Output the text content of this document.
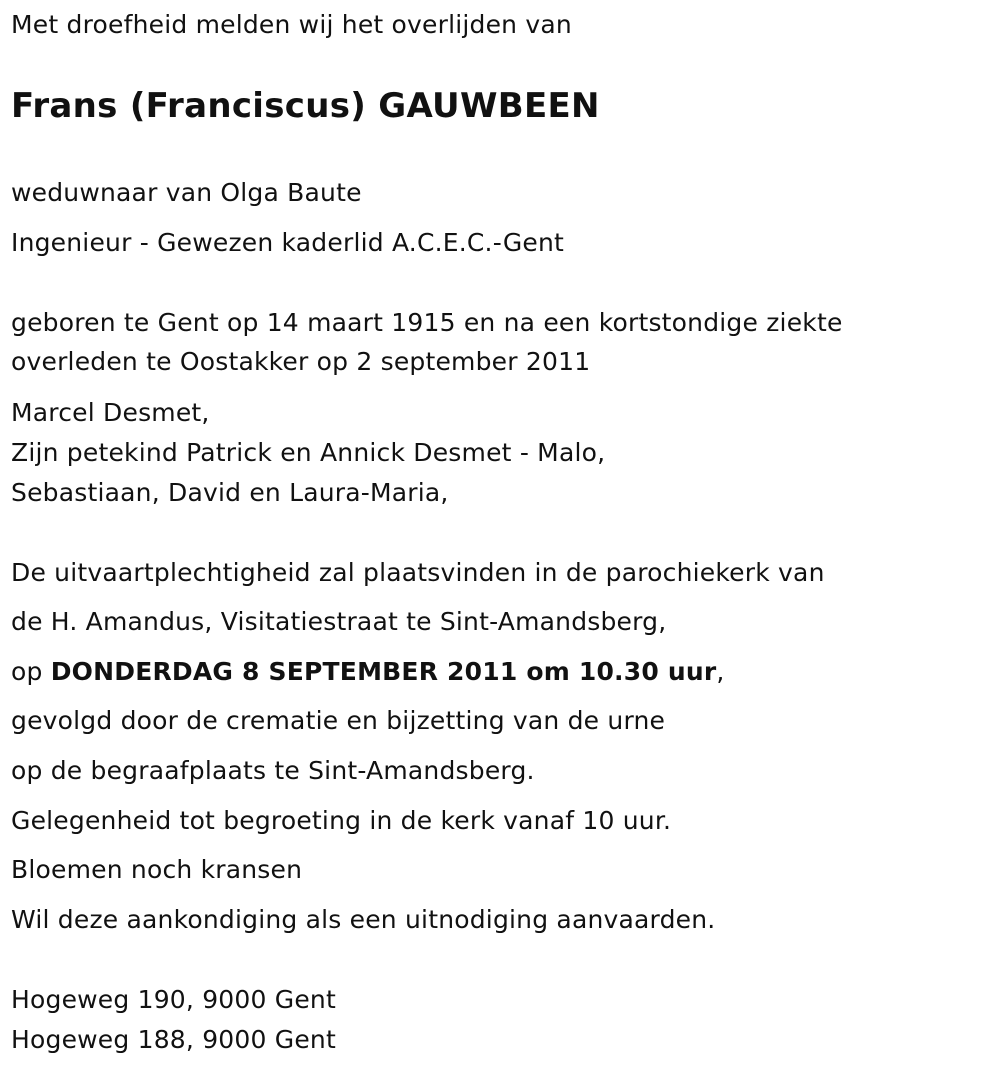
Met droefheid melden wij het overlijden van
Frans (Franciscus) GAUWBEEN
weduwnaar van Olga Baute
Ingenieur - Gewezen kaderlid A.C.E.C.-Gent
geboren te Gent op 14 maart 1915 en na een kortstondige ziekte
overleden te Oostakker op 2 september 2011
Marcel Desmet,
Zijn petekind Patrick en Annick Desmet - Malo,
Sebastiaan, David en Laura-Maria,
De uitvaartplechtigheid zal plaatsvinden in de parochiekerk van
de H. Amandus, Visitatiestraat te Sint-Amandsberg,
op DONDERDAG 8 SEPTEMBER 2011 om 10.30 uur,
gevolgd door de crematie en bijzetting van de urne
op de begraafplaats te Sint-Amandsberg.
Gelegenheid tot begroeting in de kerk vanaf 10 uur.
Bloemen noch kransen
Wil deze aankondiging als een uitnodiging aanvaarden.
Hogeweg 190, 9000 Gent
Hogeweg 188, 9000 Gent
